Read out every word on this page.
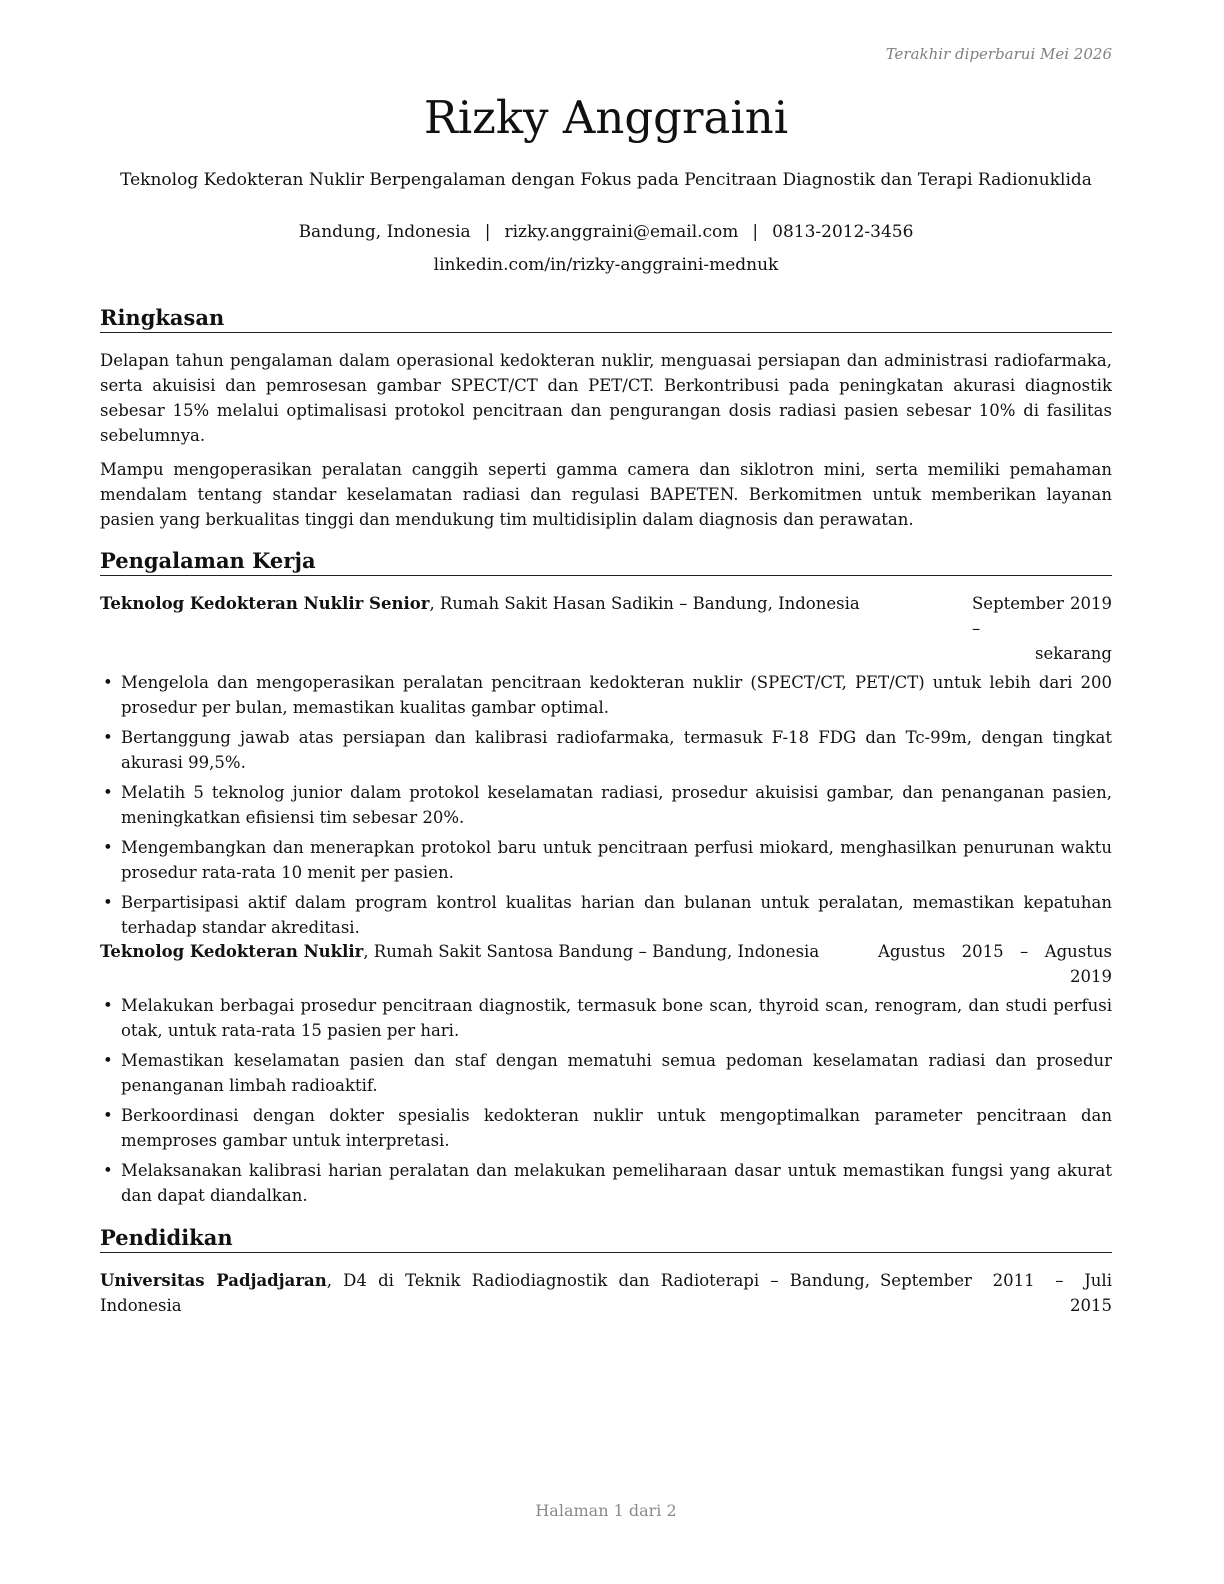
Terakhir diperbarui Mei 2026
Rizky Anggraini
Teknolog Kedokteran Nuklir Berpengalaman dengan Fokus pada Pencitraan Diagnostik dan Terapi Radionuklida
Bandung, Indonesia | rizky.anggraini@email.com | 0813-2012-3456
linkedin.com/in/rizky-anggraini-mednuk
Ringkasan

Delapan tahun pengalaman dalam operasional kedokteran nuklir, menguasai persiapan dan administrasi radiofarmaka, serta akuisisi dan pemrosesan gambar SPECT/CT dan PET/CT. Berkontribusi pada peningkatan akurasi diagnostik sebesar 15% melalui optimalisasi protokol pencitraan dan pengurangan dosis radiasi pasien sebesar 10% di fasilitas sebelumnya.

Mampu mengoperasikan peralatan canggih seperti gamma camera dan siklotron mini, serta memiliki pemahaman mendalam tentang standar keselamatan radiasi dan regulasi BAPETEN. Berkomitmen untuk memberikan layanan pasien yang berkualitas tinggi dan mendukung tim multidisiplin dalam diagnosis dan perawatan.

Pengalaman Kerja
Teknolog Kedokteran Nuklir Senior, Rumah Sakit Hasan Sadikin – Bandung, Indonesia	September 2019 –
sekarang
• Mengelola dan mengoperasikan peralatan pencitraan kedokteran nuklir (SPECT/CT, PET/CT) untuk lebih dari 200 prosedur per bulan, memastikan kualitas gambar optimal.
• Bertanggung jawab atas persiapan dan kalibrasi radiofarmaka, termasuk F-18 FDG dan Tc-99m, dengan tingkat akurasi 99,5%.
• Melatih 5 teknolog junior dalam protokol keselamatan radiasi, prosedur akuisisi gambar, dan penanganan pasien, meningkatkan efisiensi tim sebesar 20%.
• Mengembangkan dan menerapkan protokol baru untuk pencitraan perfusi miokard, menghasilkan penurunan waktu prosedur rata-rata 10 menit per pasien.
• Berpartisipasi aktif dalam program kontrol kualitas harian dan bulanan untuk peralatan, memastikan kepatuhan terhadap standar akreditasi.
Teknolog Kedokteran Nuklir, Rumah Sakit Santosa Bandung – Bandung, Indonesia	Agustus 2015 – Agustus
2019
• Melakukan berbagai prosedur pencitraan diagnostik, termasuk bone scan, thyroid scan, renogram, dan studi perfusi otak, untuk rata-rata 15 pasien per hari.
• Memastikan keselamatan pasien dan staf dengan mematuhi semua pedoman keselamatan radiasi dan prosedur penanganan limbah radioaktif.
• Berkoordinasi dengan dokter spesialis kedokteran nuklir untuk mengoptimalkan parameter pencitraan dan memproses gambar untuk interpretasi.
• Melaksanakan kalibrasi harian peralatan dan melakukan pemeliharaan dasar untuk memastikan fungsi yang akurat dan dapat diandalkan.
Pendidikan
Universitas Padjadjaran, D4 di Teknik Radiodiagnostik dan Radioterapi – Bandung,
Indonesia
September 2011 – Juli
2015
Halaman 1 dari 2
